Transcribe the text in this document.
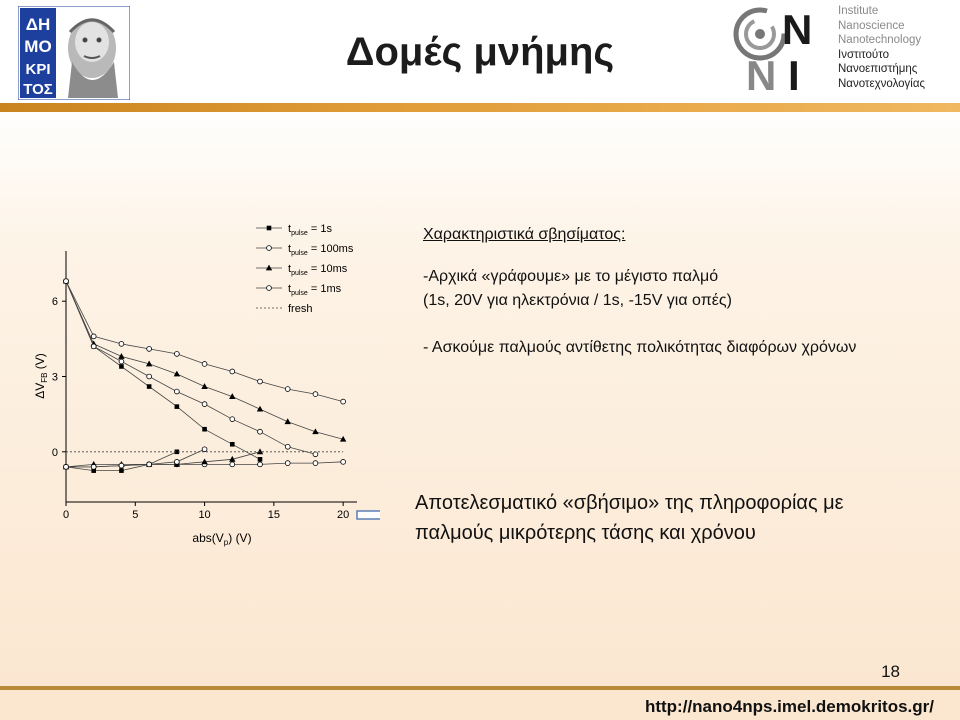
ΔΗ
ΜΟ
ΚΡΙ
ΤΟΣ
Δομές μνήμης	N
I
N
Institute
Nanoscience
Nanotechnology
Ινστιτούτο
Νανοεπιστήμης
Νανοτεχνολογίας
0	5	10	15	20
0
3
6
$t_{pulse} = 1s$
$t_{pulse} = 100ms$
$t_{pulse} = 10ms$
$t_{pulse} = 1ms$
fresh
$abs(V_p)$ (V)
$\Delta V_{FB}$ (V)
Χαρακτηριστικά σβησίματος:
-Αρχικά «γράφουμε» με το μέγιστο παλμό
(1s, 20V για ηλεκτρόνια / 1s, -15V για οπές)
- Ασκούμε παλμούς αντίθετης πολικότητας διαφόρων χρόνων
Αποτελεσματικό «σβήσιμο» της πληροφορίας με
παλμούς μικρότερης τάσης και χρόνου
18
http://nano4nps.imel.demokritos.gr/
